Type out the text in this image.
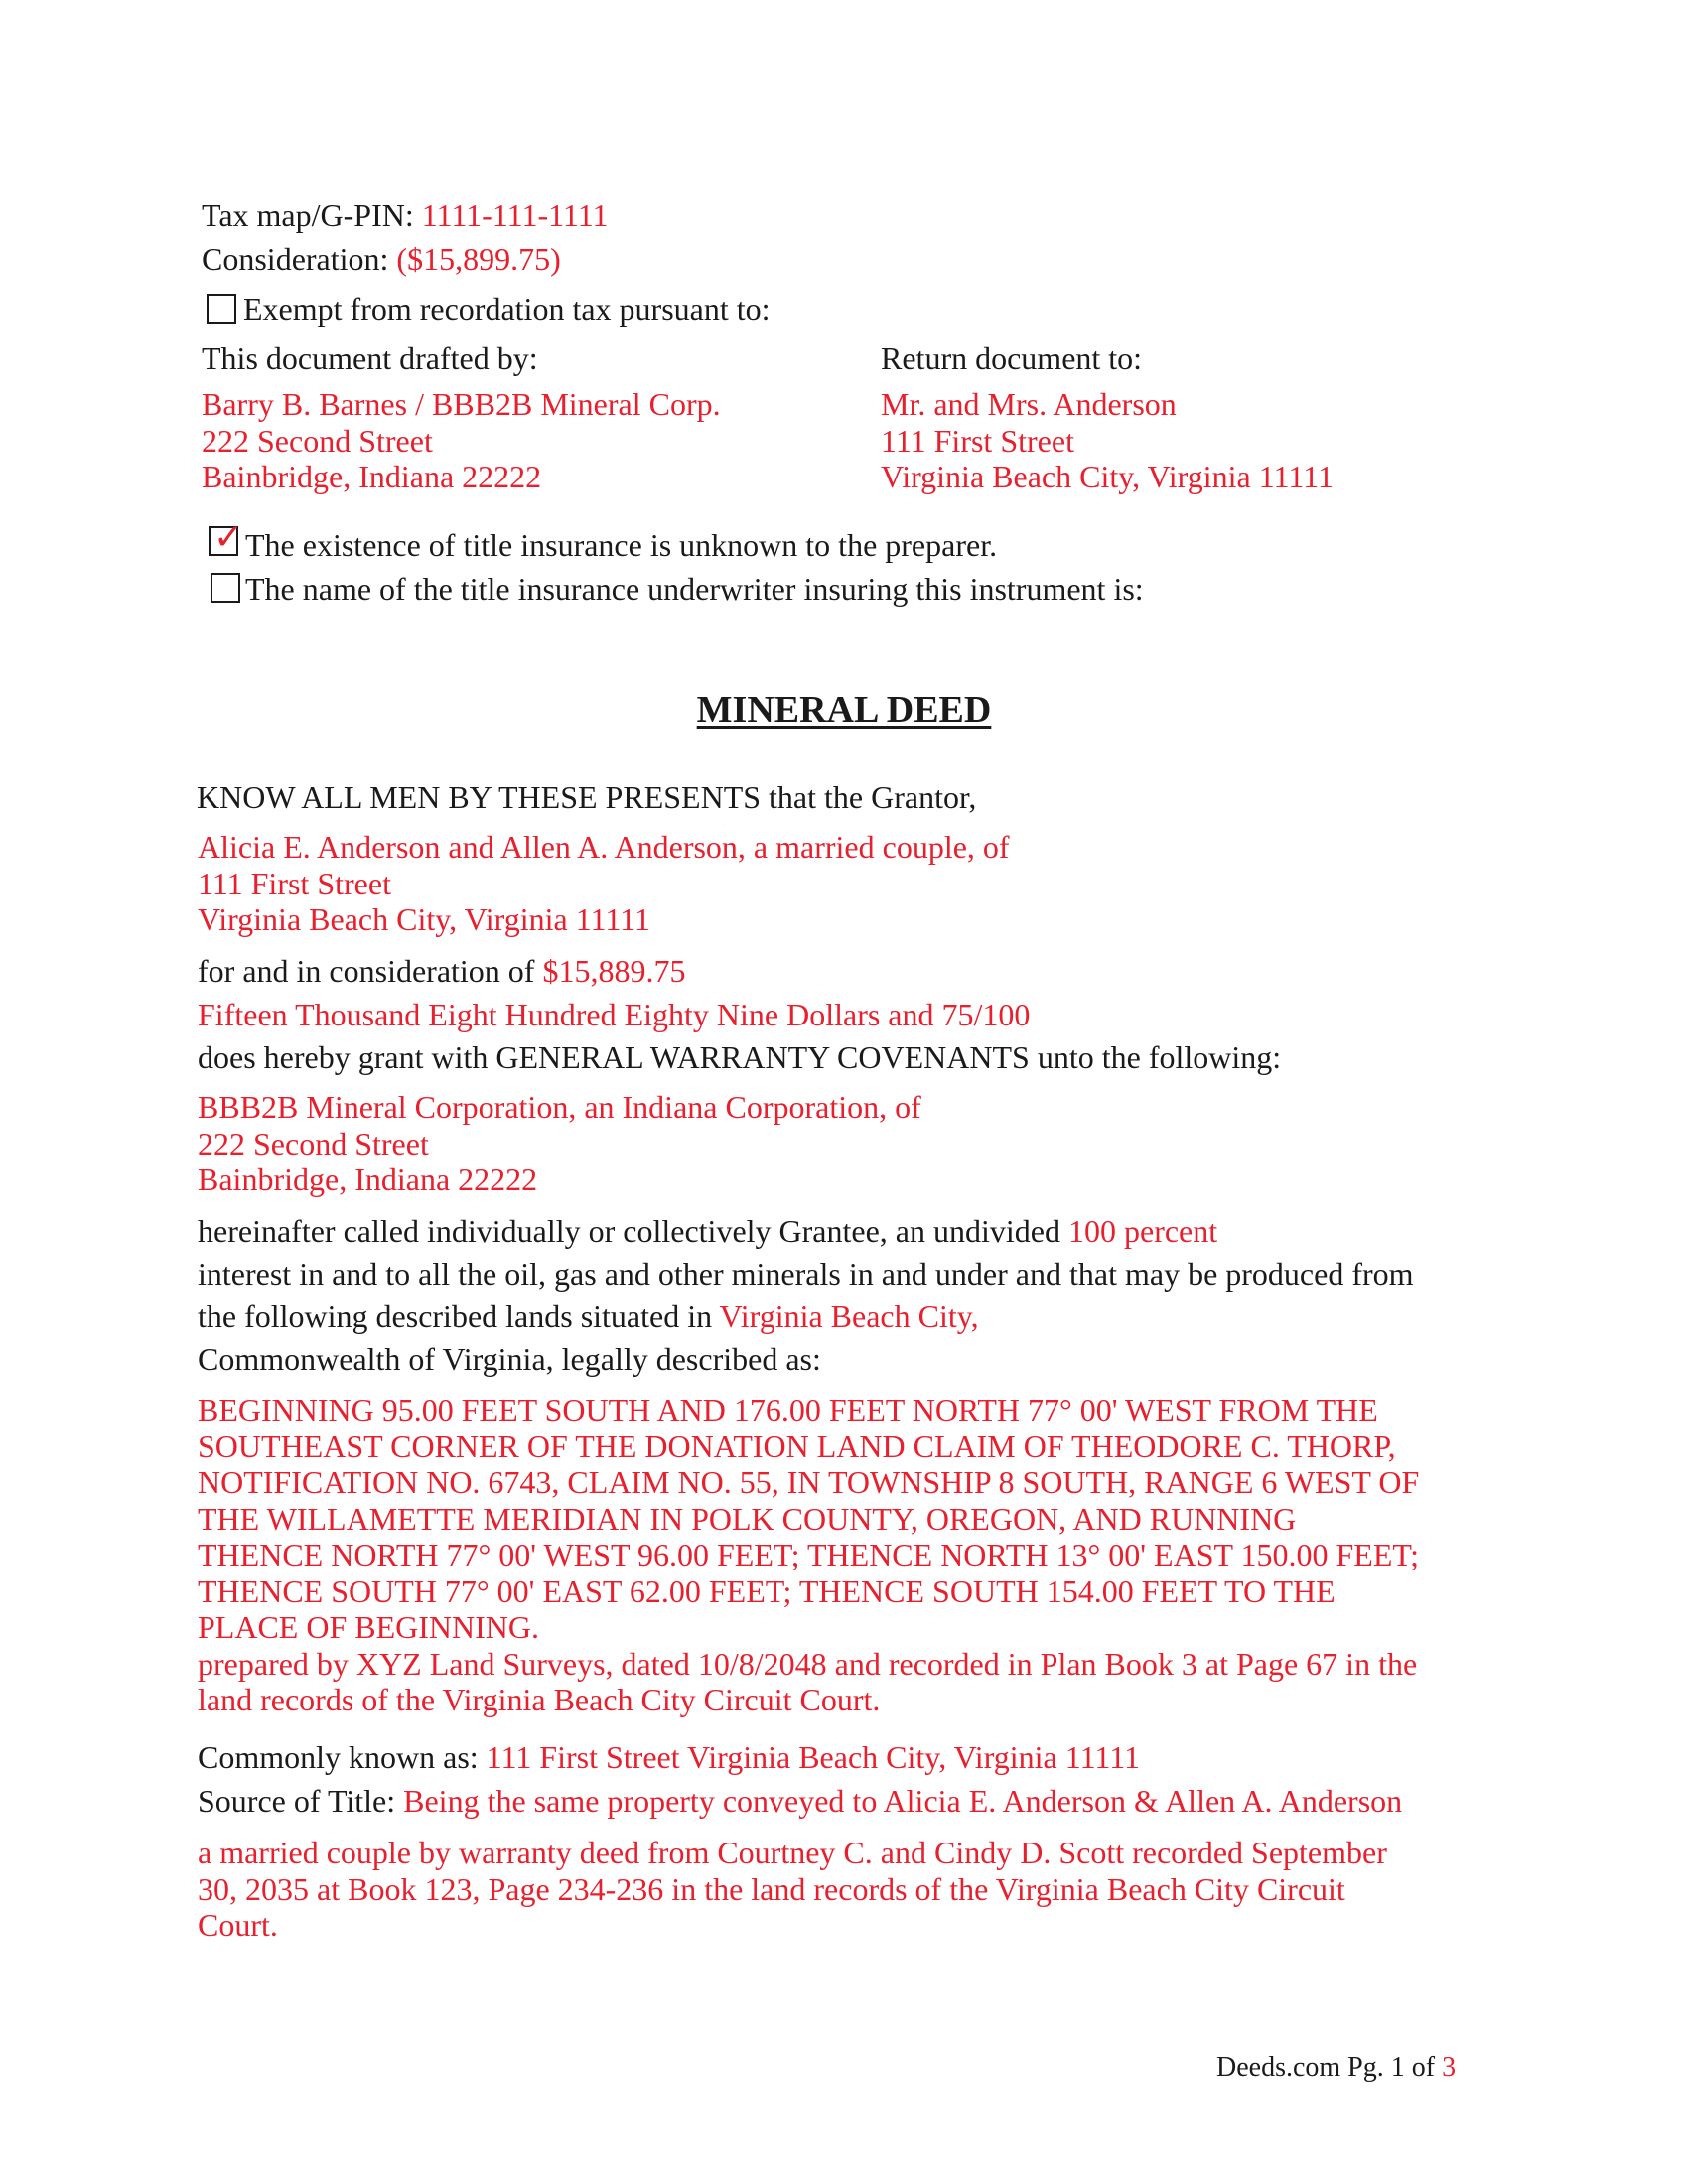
Tax map/G-PIN: 1111-111-1111
Consideration: ($15,899.75)
Exempt from recordation tax pursuant to:
This document drafted by:
Barry B. Barnes / BBB2B Mineral Corp.
222 Second Street
Bainbridge, Indiana 22222
Return document to:
Mr. and Mrs. Anderson
111 First Street
Virginia Beach City, Virginia 11111
✓ The existence of title insurance is unknown to the preparer.
The name of the title insurance underwriter insuring this instrument is:
MINERAL DEED
KNOW ALL MEN BY THESE PRESENTS that the Grantor,
Alicia E. Anderson and Allen A. Anderson, a married couple, of
111 First Street
Virginia Beach City, Virginia 11111
for and in consideration of $15,889.75
Fifteen Thousand Eight Hundred Eighty Nine Dollars and 75/100
does hereby grant with GENERAL WARRANTY COVENANTS unto the following:
BBB2B Mineral Corporation, an Indiana Corporation, of
222 Second Street
Bainbridge, Indiana 22222
hereinafter called individually or collectively Grantee, an undivided 100 percent
interest in and to all the oil, gas and other minerals in and under and that may be produced from
the following described lands situated in Virginia Beach City,
Commonwealth of Virginia, legally described as:
BEGINNING 95.00 FEET SOUTH AND 176.00 FEET NORTH 77° 00' WEST FROM THE
SOUTHEAST CORNER OF THE DONATION LAND CLAIM OF THEODORE C. THORP,
NOTIFICATION NO. 6743, CLAIM NO. 55, IN TOWNSHIP 8 SOUTH, RANGE 6 WEST OF
THE WILLAMETTE MERIDIAN IN POLK COUNTY, OREGON, AND RUNNING
THENCE NORTH 77° 00' WEST 96.00 FEET; THENCE NORTH 13° 00' EAST 150.00 FEET;
THENCE SOUTH 77° 00' EAST 62.00 FEET; THENCE SOUTH 154.00 FEET TO THE
PLACE OF BEGINNING.
prepared by XYZ Land Surveys, dated 10/8/2048 and recorded in Plan Book 3 at Page 67 in the
land records of the Virginia Beach City Circuit Court.
Commonly known as: 111 First Street Virginia Beach City, Virginia 11111
Source of Title: Being the same property conveyed to Alicia E. Anderson & Allen A. Anderson
a married couple by warranty deed from Courtney C. and Cindy D. Scott recorded September
30, 2035 at Book 123, Page 234-236 in the land records of the Virginia Beach City Circuit
Court.
Deeds.com Pg. 1 of 3
